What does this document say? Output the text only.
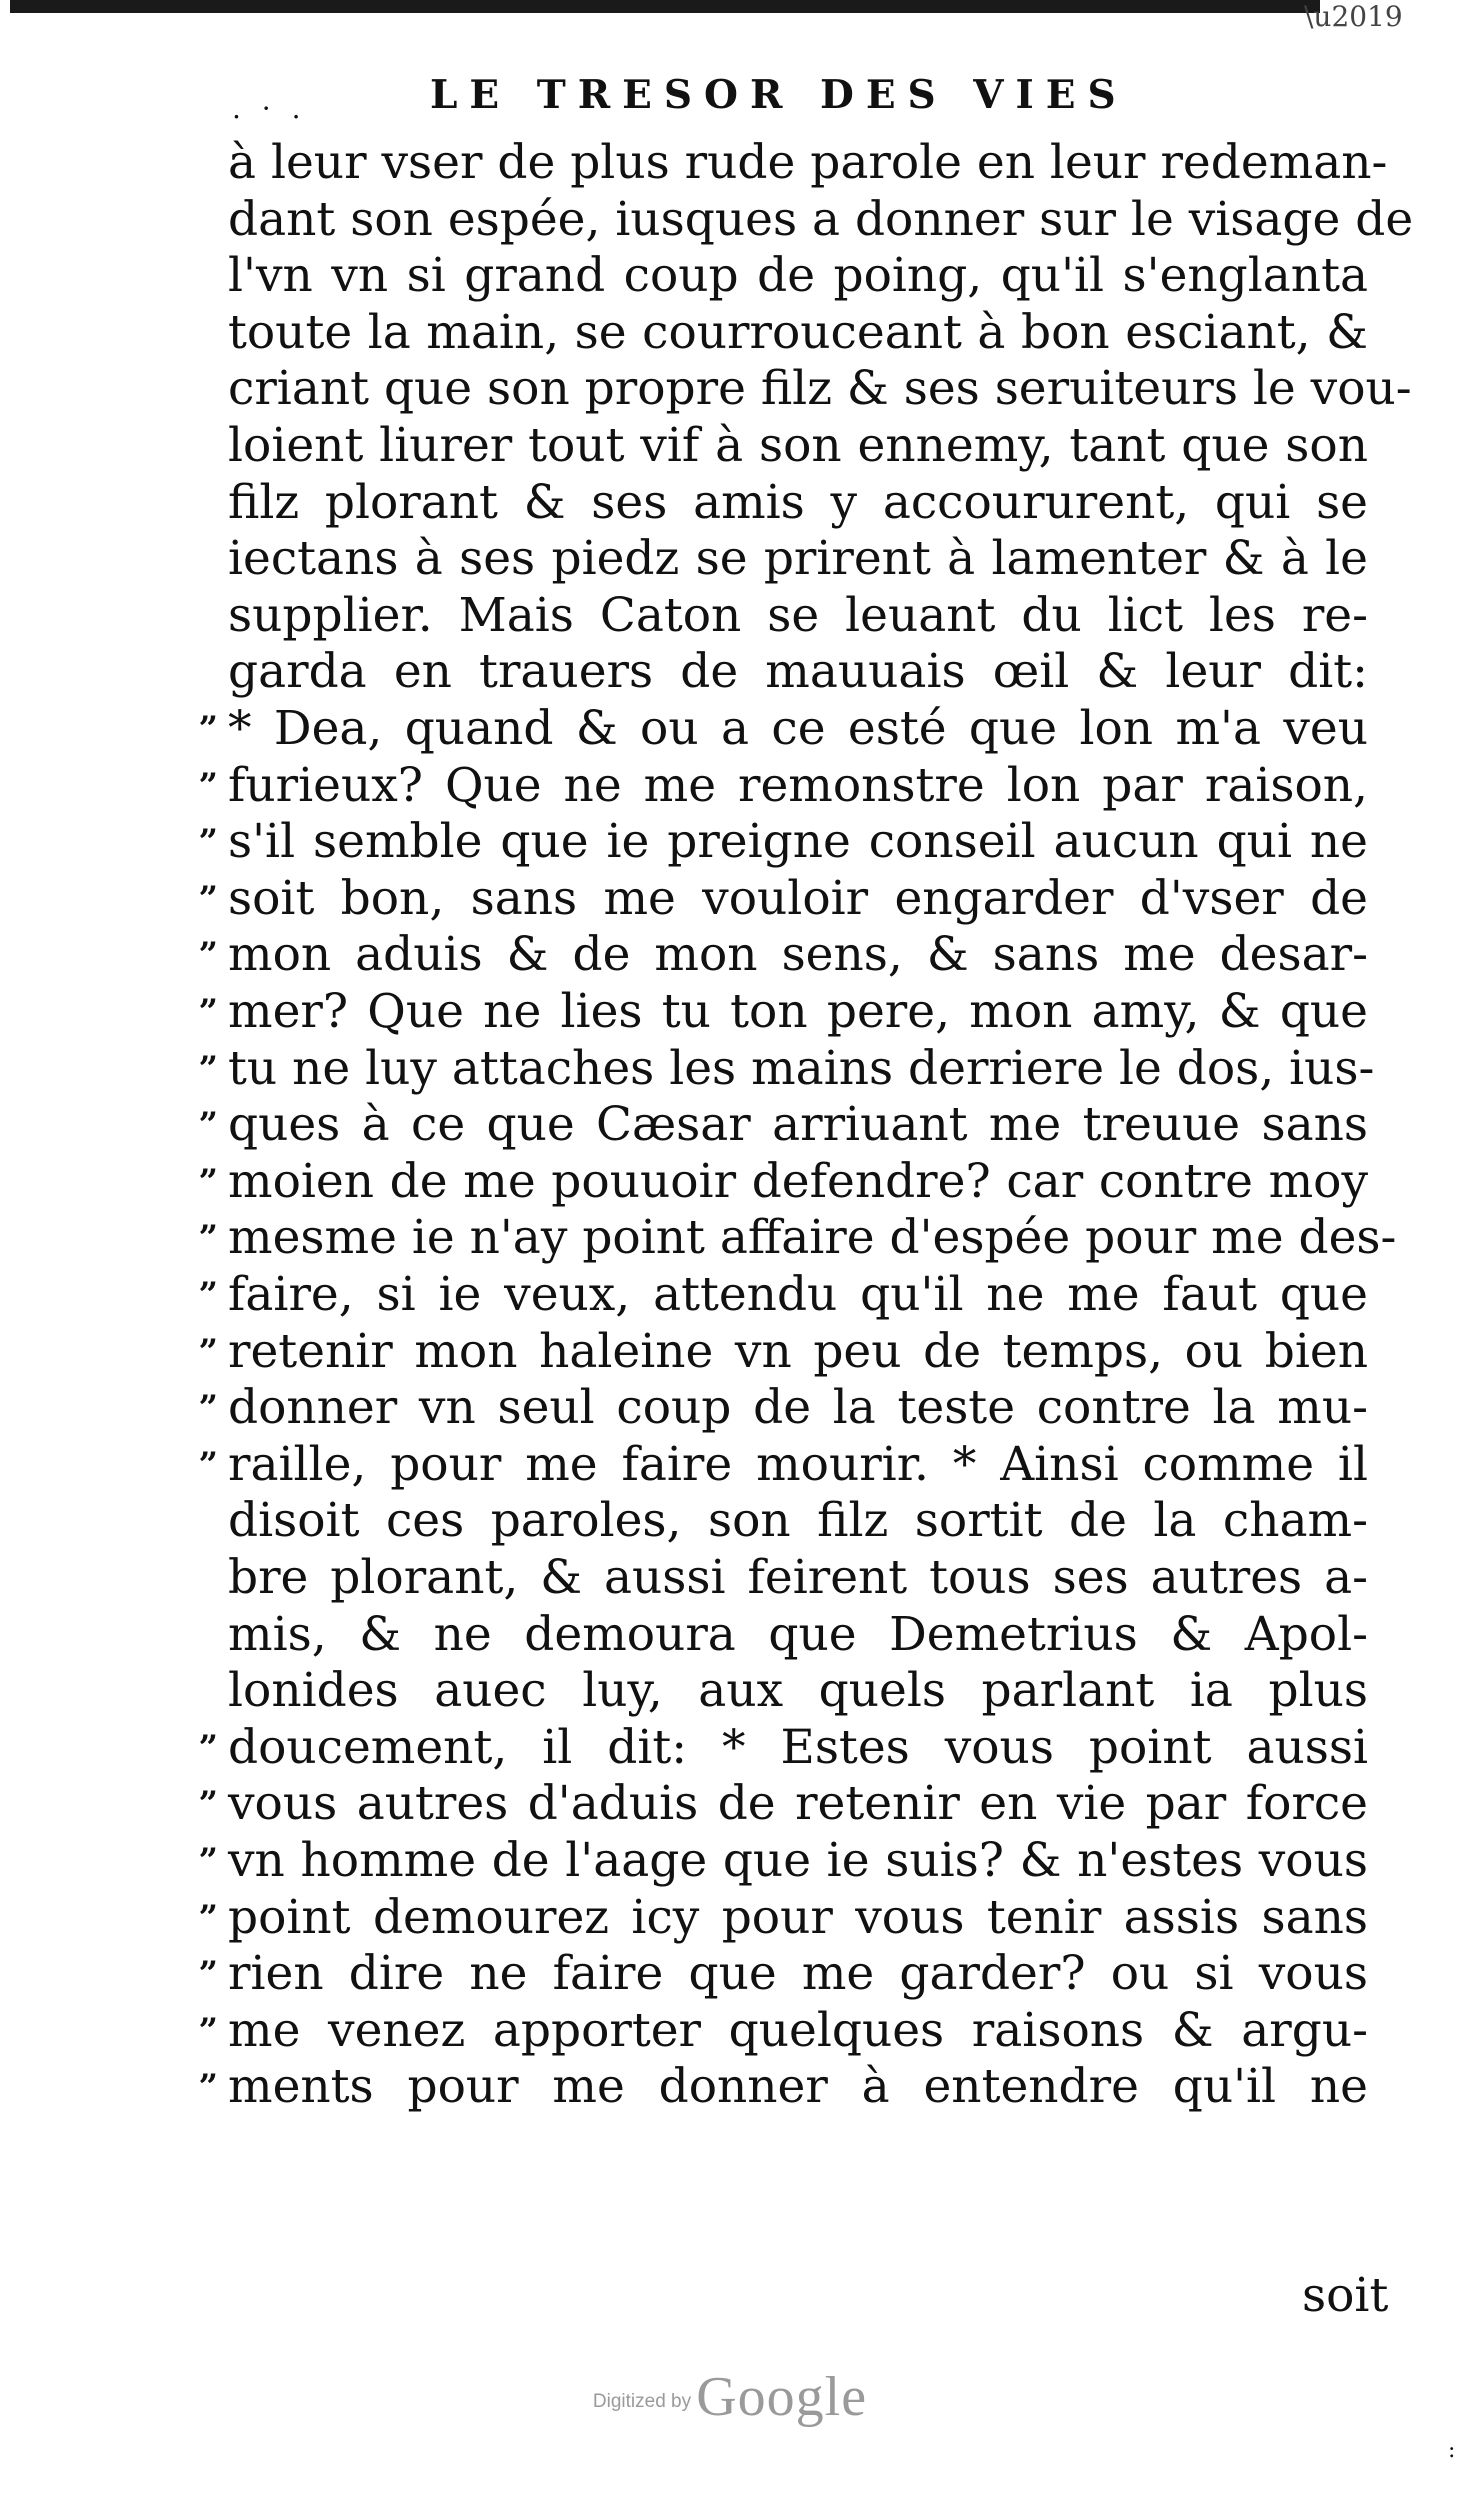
\u2019
. · .	LE TRESOR DES VIES
à leur vser de plus rude parole en leur redeman-
dant son espée, iusques a donner sur le visage de
l'vn vn si grand coup de poing, qu'il s'englanta
toute la main, se courrouceant à bon esciant, &
criant que son propre filz & ses seruiteurs le vou-
loient liurer tout vif à son ennemy, tant que son
filz plorant & ses amis y accoururent, qui se
iectans à ses piedz se prirent à lamenter & à le
supplier. Mais Caton se leuant du lict les re-
garda en trauers de mauuais œil & leur dit:
” * Dea, quand & ou a ce esté que lon m'a veu
” furieux? Que ne me remonstre lon par raison,
” s'il semble que ie preigne conseil aucun qui ne
” soit bon, sans me vouloir engarder d'vser de
” mon aduis & de mon sens, & sans me desar-
” mer? Que ne lies tu ton pere, mon amy, & que
” tu ne luy attaches les mains derriere le dos, ius-
” ques à ce que Cæsar arriuant me treuue sans
” moien de me pouuoir defendre? car contre moy
” mesme ie n'ay point affaire d'espée pour me des-
” faire, si ie veux, attendu qu'il ne me faut que
” retenir mon haleine vn peu de temps, ou bien
” donner vn seul coup de la teste contre la mu-
” raille, pour me faire mourir. * Ainsi comme il
disoit ces paroles, son filz sortit de la cham-
bre plorant, & aussi feirent tous ses autres a-
mis, & ne demoura que Demetrius & Apol-
lonides auec luy, aux quels parlant ia plus
” doucement, il dit: * Estes vous point aussi
” vous autres d'aduis de retenir en vie par force
” vn homme de l'aage que ie suis? & n'estes vous
” point demourez icy pour vous tenir assis sans
” rien dire ne faire que me garder? ou si vous
” me venez apporter quelques raisons & argu-
” ments pour me donner à entendre qu'il ne
soit
Digitized by Google
:
